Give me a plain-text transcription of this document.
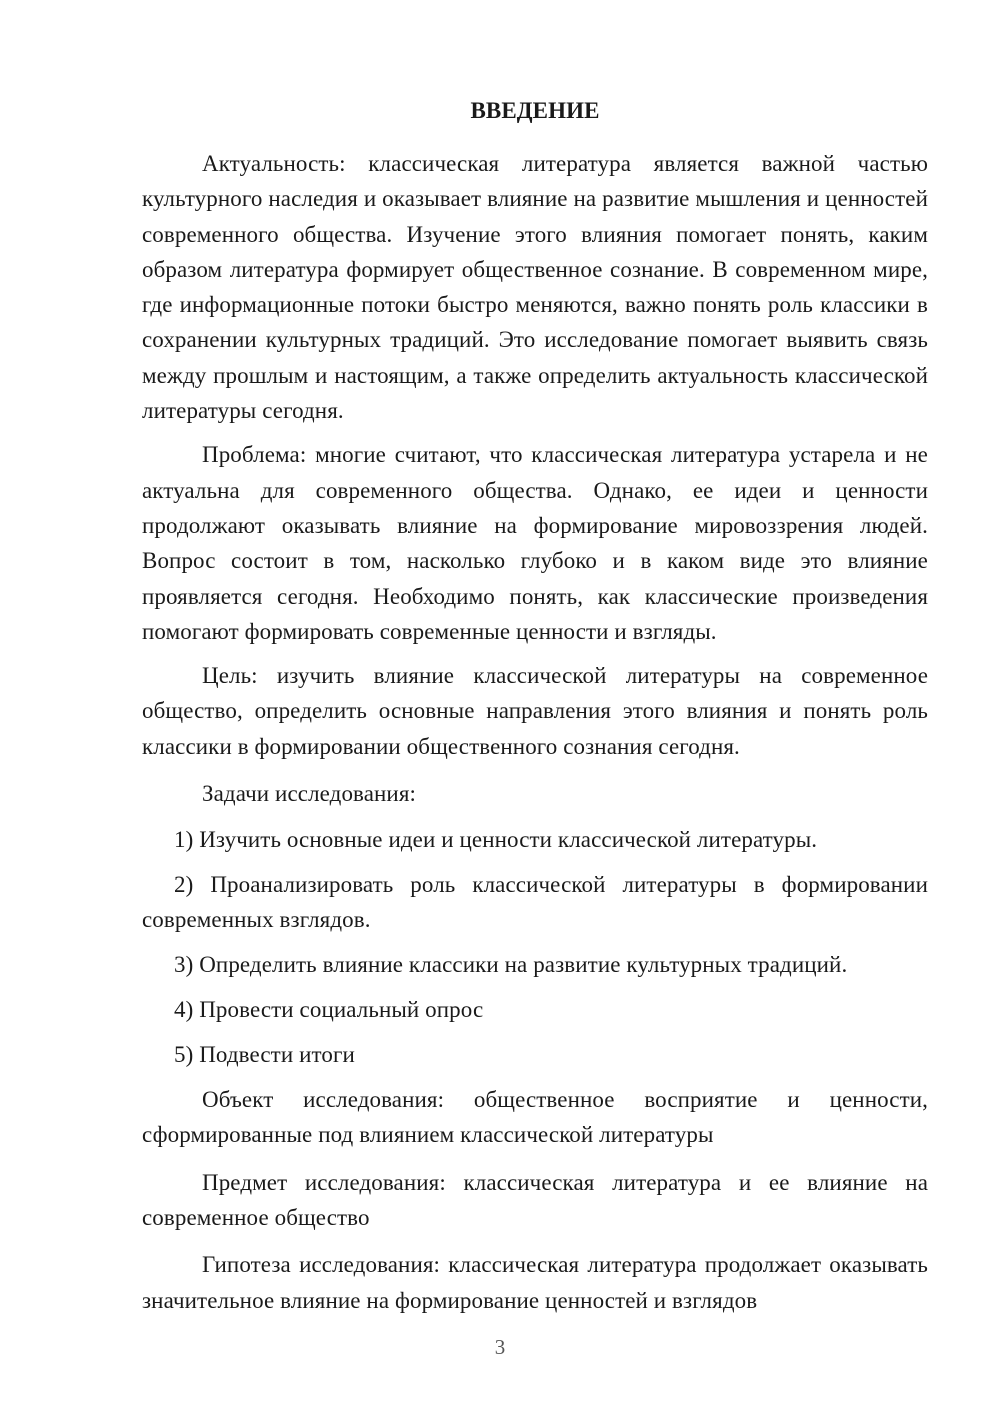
ВВЕДЕНИЕ

Актуальность: классическая литература является важной частью культурного наследия и оказывает влияние на развитие мышления и ценностей современного общества. Изучение этого влияния помогает понять, каким образом литература формирует общественное сознание. В современном мире, где информационные потоки быстро меняются, важно понять роль классики в сохранении культурных традиций. Это исследование помогает выявить связь между прошлым и настоящим, а также определить актуальность классической литературы сегодня.

Проблема: многие считают, что классическая литература устарела и не актуальна для современного общества. Однако, ее идеи и ценности продолжают оказывать влияние на формирование мировоззрения людей. Вопрос состоит в том, насколько глубоко и в каком виде это влияние проявляется сегодня. Необходимо понять, как классические произведения помогают формировать современные ценности и взгляды.

Цель: изучить влияние классической литературы на современное общество, определить основные направления этого влияния и понять роль классики в формировании общественного сознания сегодня.

Задачи исследования:

1) Изучить основные идеи и ценности классической литературы.

2) Проанализировать роль классической литературы в формировании современных взглядов.

3) Определить влияние классики на развитие культурных традиций.

4) Провести социальный опрос

5) Подвести итоги

Объект исследования: общественное восприятие и ценности, сформированные под влиянием классической литературы

Предмет исследования: классическая литература и ее влияние на современное общество

Гипотеза исследования: классическая литература продолжает оказывать значительное влияние на формирование ценностей и взглядов

3
